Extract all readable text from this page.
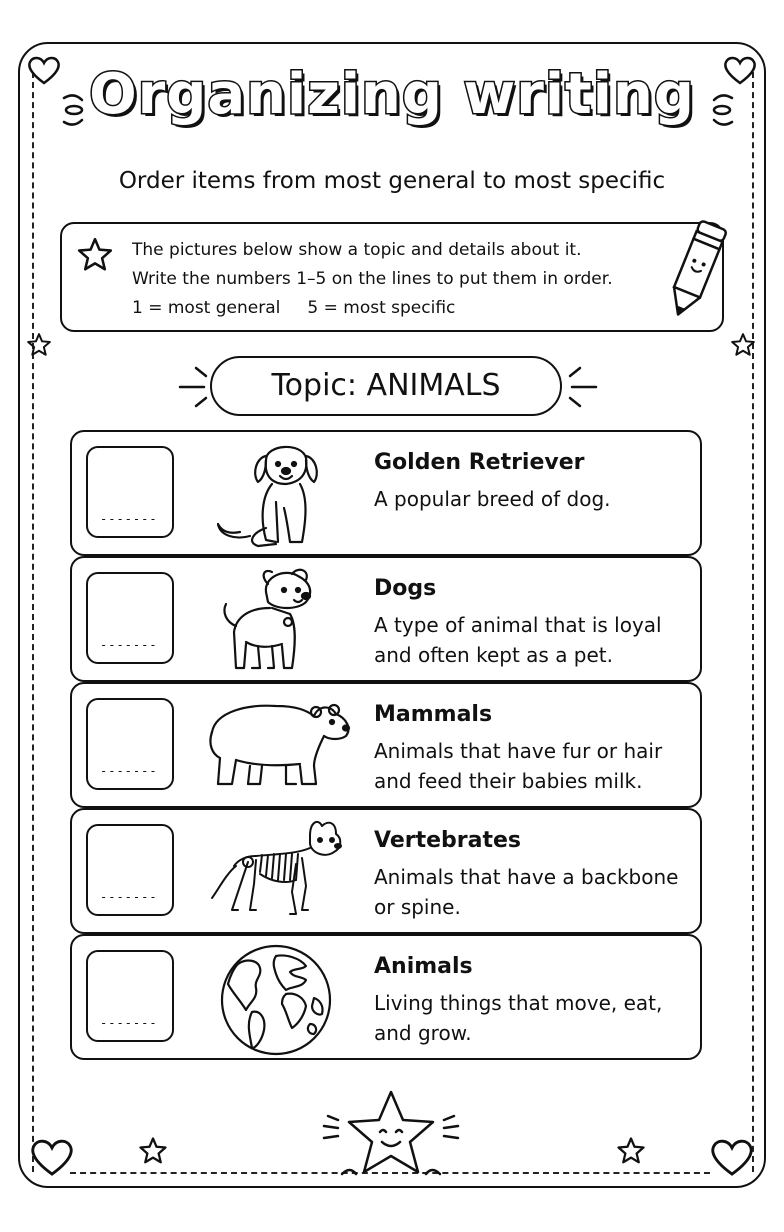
Organizing writing
Order items from most general to most specific
The pictures below show a topic and details about it.
Write the numbers 1–5 on the lines to put them in order.
1 = most general     5 = most specific
Topic: ANIMALS
-------
Golden Retriever
A popular breed of dog.
-------
Dogs
A type of animal that is loyal and often kept as a pet.
-------
Mammals
Animals that have fur or hair and feed their babies milk.
-------
Vertebrates
Animals that have a backbone or spine.
-------
Animals
Living things that move, eat, and grow.
